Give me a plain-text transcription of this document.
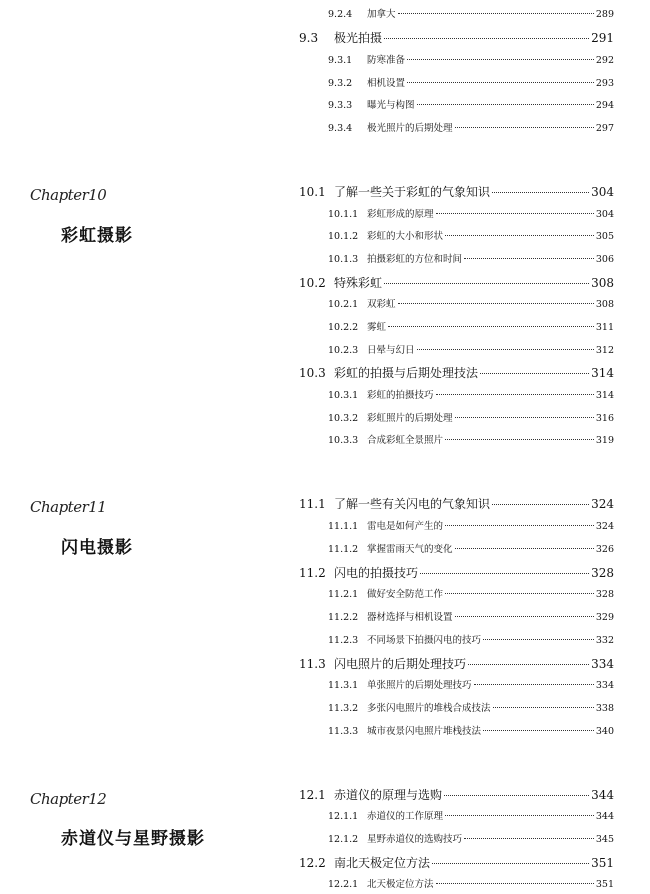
Chapter10
彩虹摄影
Chapter11
闪电摄影
Chapter12
赤道仪与星野摄影
9.2.4	加拿大	289
9.3	极光拍摄	291
9.3.1	防寒准备	292
9.3.2	相机设置	293
9.3.3	曝光与构图	294
9.3.4	极光照片的后期处理	297
10.1 了解一些关于彩虹的气象知识	304
10.1.1 彩虹形成的原理	304
10.1.2 彩虹的大小和形状	305
10.1.3 拍摄彩虹的方位和时间	306
10.2 特殊彩虹	308
10.2.1 双彩虹	308
10.2.2 雾虹	311
10.2.3 日晕与幻日	312
10.3 彩虹的拍摄与后期处理技法	314
10.3.1 彩虹的拍摄技巧	314
10.3.2 彩虹照片的后期处理	316
10.3.3 合成彩虹全景照片	319
11.1 了解一些有关闪电的气象知识	324
11.1.1 雷电是如何产生的	324
11.1.2 掌握雷雨天气的变化	326
11.2 闪电的拍摄技巧	328
11.2.1 做好安全防范工作	328
11.2.2 器材选择与相机设置	329
11.2.3 不同场景下拍摄闪电的技巧	332
11.3 闪电照片的后期处理技巧	334
11.3.1 单张照片的后期处理技巧	334
11.3.2 多张闪电照片的堆栈合成技法	338
11.3.3 城市夜景闪电照片堆栈技法	340
12.1 赤道仪的原理与选购	344
12.1.1 赤道仪的工作原理	344
12.1.2 星野赤道仪的选购技巧	345
12.2 南北天极定位方法	351
12.2.1 北天极定位方法	351
